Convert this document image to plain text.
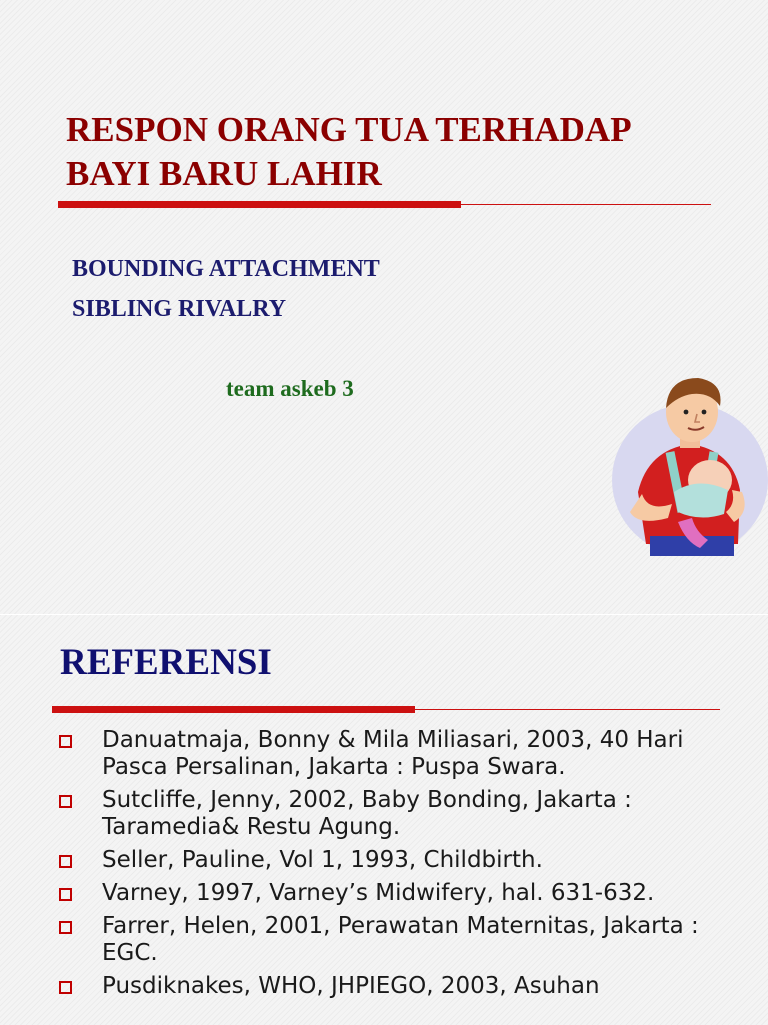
RESPON ORANG TUA TERHADAP
BAYI BARU LAHIR

BOUNDING ATTACHMENT

SIBLING RIVALRY

team askeb 3

REFERENSI
Danuatmaja, Bonny & Mila Miliasari, 2003, 40 Hari Pasca Persalinan, Jakarta : Puspa Swara.
Sutcliffe, Jenny, 2002, Baby Bonding, Jakarta : Taramedia& Restu Agung.
Seller, Pauline, Vol 1, 1993, Childbirth.
Varney, 1997, Varney’s Midwifery, hal. 631-632.
Farrer, Helen, 2001, Perawatan Maternitas, Jakarta : EGC.
Pusdiknakes, WHO, JHPIEGO, 2003, Asuhan
